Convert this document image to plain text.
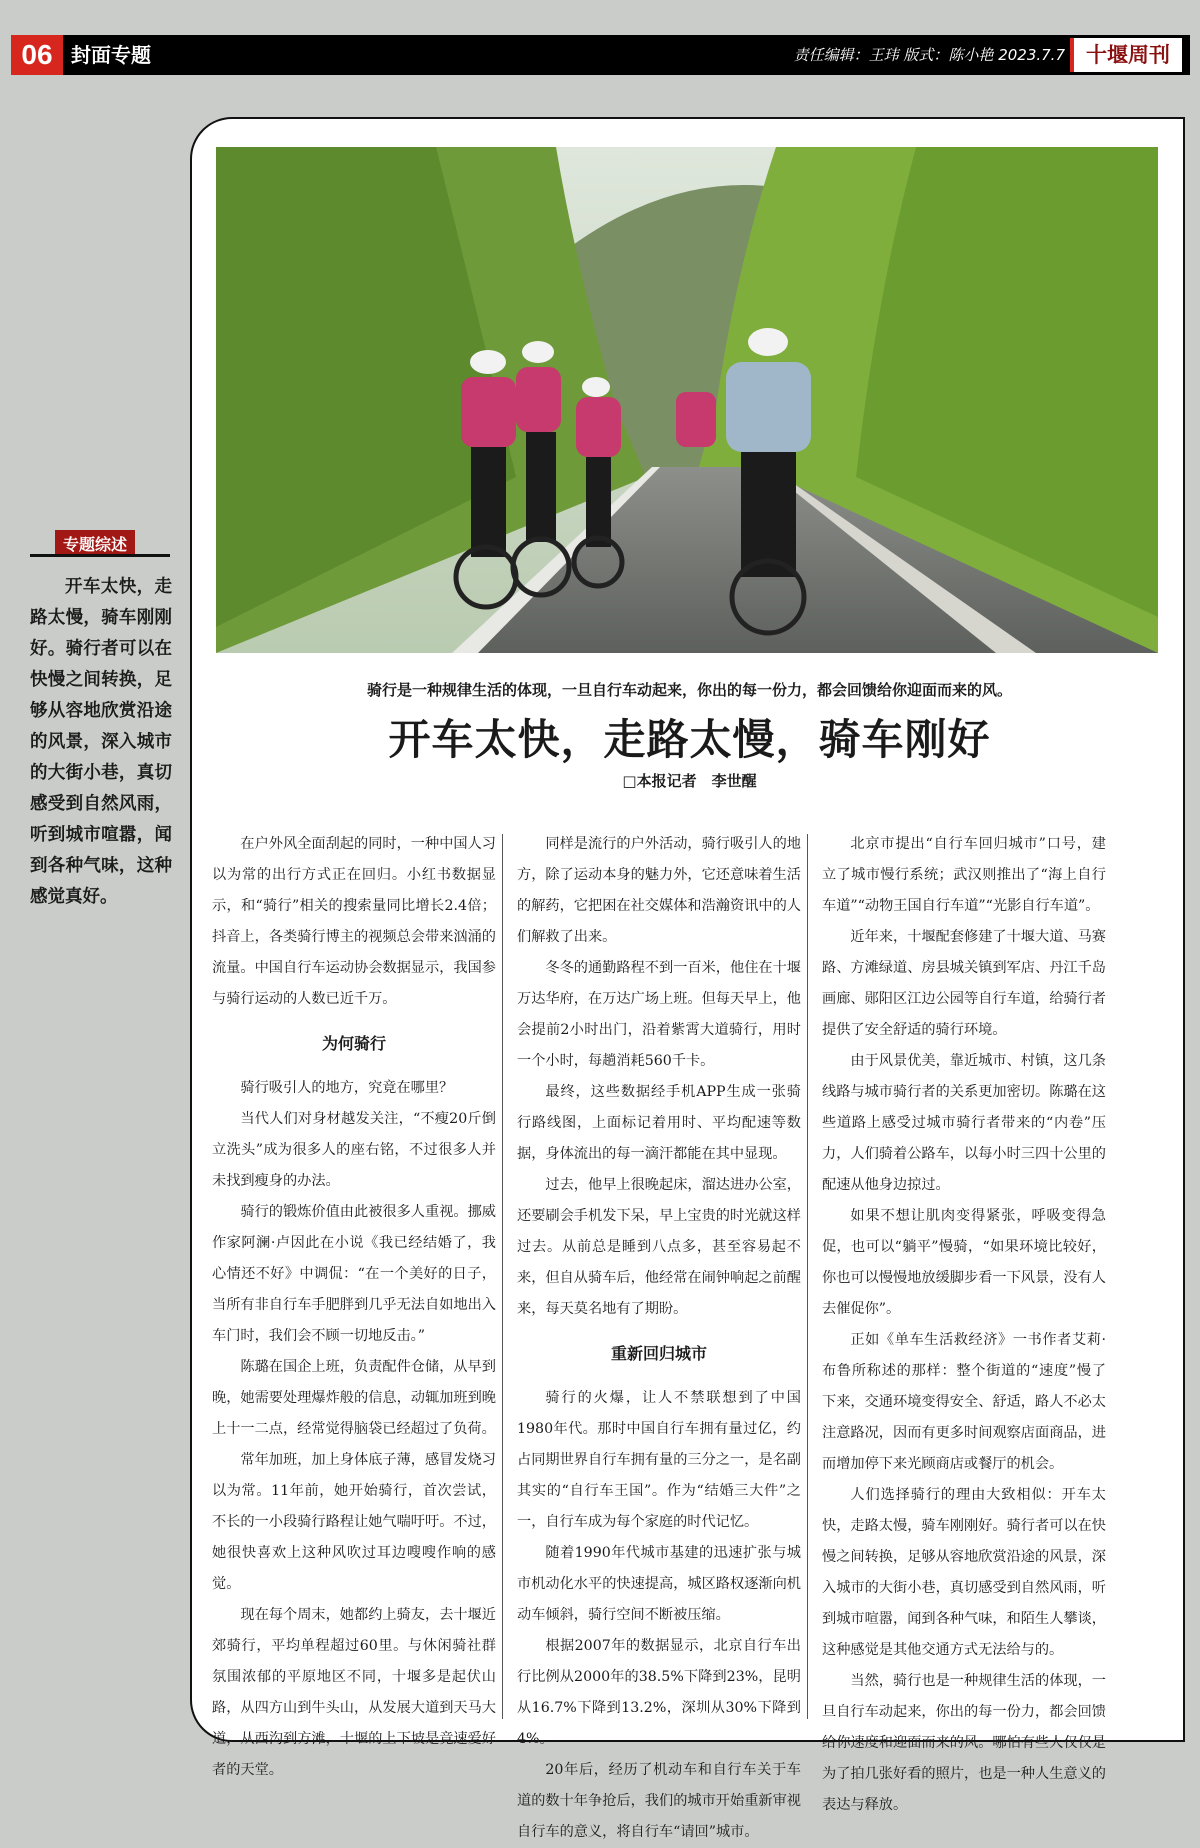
06 封面专题	责任编辑：王玮 版式：陈小艳 2023.7.7	十堰周刊
专题综述

开车太快，走路太慢，骑车刚刚好。骑行者可以在快慢之间转换，足够从容地欣赏沿途的风景，深入城市的大街小巷，真切感受到自然风雨，听到城市喧嚣，闻到各种气味，这种感觉真好。

骑行是一种规律生活的体现，一旦自行车动起来，你出的每一份力，都会回馈给你迎面而来的风。
开车太快，走路太慢，骑车刚好
□本报记者　李世醒

在户外风全面刮起的同时，一种中国人习以为常的出行方式正在回归。小红书数据显示，和“骑行”相关的搜索量同比增长2.4倍；抖音上，各类骑行博主的视频总会带来汹涌的流量。中国自行车运动协会数据显示，我国参与骑行运动的人数已近千万。

为何骑行

骑行吸引人的地方，究竟在哪里？

当代人们对身材越发关注，“不瘦20斤倒立洗头”成为很多人的座右铭，不过很多人并未找到瘦身的办法。

骑行的锻炼价值由此被很多人重视。挪威作家阿澜·卢因此在小说《我已经结婚了，我心情还不好》中调侃：“在一个美好的日子，当所有非自行车手肥胖到几乎无法自如地出入车门时，我们会不顾一切地反击。”

陈璐在国企上班，负责配件仓储，从早到晚，她需要处理爆炸般的信息，动辄加班到晚上十一二点，经常觉得脑袋已经超过了负荷。

常年加班，加上身体底子薄，感冒发烧习以为常。11年前，她开始骑行，首次尝试，不长的一小段骑行路程让她气喘吁吁。不过，她很快喜欢上这种风吹过耳边嗖嗖作响的感觉。

现在每个周末，她都约上骑友，去十堰近郊骑行，平均单程超过60里。与休闲骑社群氛围浓郁的平原地区不同，十堰多是起伏山路，从四方山到牛头山，从发展大道到天马大道，从西沟到方滩，十堰的上下坡是竞速爱好者的天堂。

同样是流行的户外活动，骑行吸引人的地方，除了运动本身的魅力外，它还意味着生活的解药，它把困在社交媒体和浩瀚资讯中的人们解救了出来。

冬冬的通勤路程不到一百米，他住在十堰万达华府，在万达广场上班。但每天早上，他会提前2小时出门，沿着紫霄大道骑行，用时一个小时，每趟消耗560千卡。

最终，这些数据经手机APP生成一张骑行路线图，上面标记着用时、平均配速等数据，身体流出的每一滴汗都能在其中显现。

过去，他早上很晚起床，溜达进办公室，还要刷会手机发下呆，早上宝贵的时光就这样过去。从前总是睡到八点多，甚至容易起不来，但自从骑车后，他经常在闹钟响起之前醒来，每天莫名地有了期盼。

重新回归城市

骑行的火爆，让人不禁联想到了中国1980年代。那时中国自行车拥有量过亿，约占同期世界自行车拥有量的三分之一，是名副其实的“自行车王国”。作为“结婚三大件”之一，自行车成为每个家庭的时代记忆。

随着1990年代城市基建的迅速扩张与城市机动化水平的快速提高，城区路权逐渐向机动车倾斜，骑行空间不断被压缩。

根据2007年的数据显示，北京自行车出行比例从2000年的38.5%下降到23%，昆明从16.7%下降到13.2%，深圳从30%下降到4%。

20年后，经历了机动车和自行车关于车道的数十年争抢后，我们的城市开始重新审视自行车的意义，将自行车“请回”城市。

北京市提出“自行车回归城市”口号，建立了城市慢行系统；武汉则推出了“海上自行车道”“动物王国自行车道”“光影自行车道”。

近年来，十堰配套修建了十堰大道、马赛路、方滩绿道、房县城关镇到军店、丹江千岛画廊、郧阳区江边公园等自行车道，给骑行者提供了安全舒适的骑行环境。

由于风景优美，靠近城市、村镇，这几条线路与城市骑行者的关系更加密切。陈璐在这些道路上感受过城市骑行者带来的“内卷”压力，人们骑着公路车，以每小时三四十公里的配速从他身边掠过。

如果不想让肌肉变得紧张，呼吸变得急促，也可以“躺平”慢骑，“如果环境比较好，你也可以慢慢地放缓脚步看一下风景，没有人去催促你”。

正如《单车生活救经济》一书作者艾莉·布鲁所称述的那样：整个街道的“速度”慢了下来，交通环境变得安全、舒适，路人不必太注意路况，因而有更多时间观察店面商品，进而增加停下来光顾商店或餐厅的机会。

人们选择骑行的理由大致相似：开车太快，走路太慢，骑车刚刚好。骑行者可以在快慢之间转换，足够从容地欣赏沿途的风景，深入城市的大街小巷，真切感受到自然风雨，听到城市喧嚣，闻到各种气味，和陌生人攀谈，这种感觉是其他交通方式无法给与的。

当然，骑行也是一种规律生活的体现，一旦自行车动起来，你出的每一份力，都会回馈给你速度和迎面而来的风。哪怕有些人仅仅是为了拍几张好看的照片，也是一种人生意义的表达与释放。
